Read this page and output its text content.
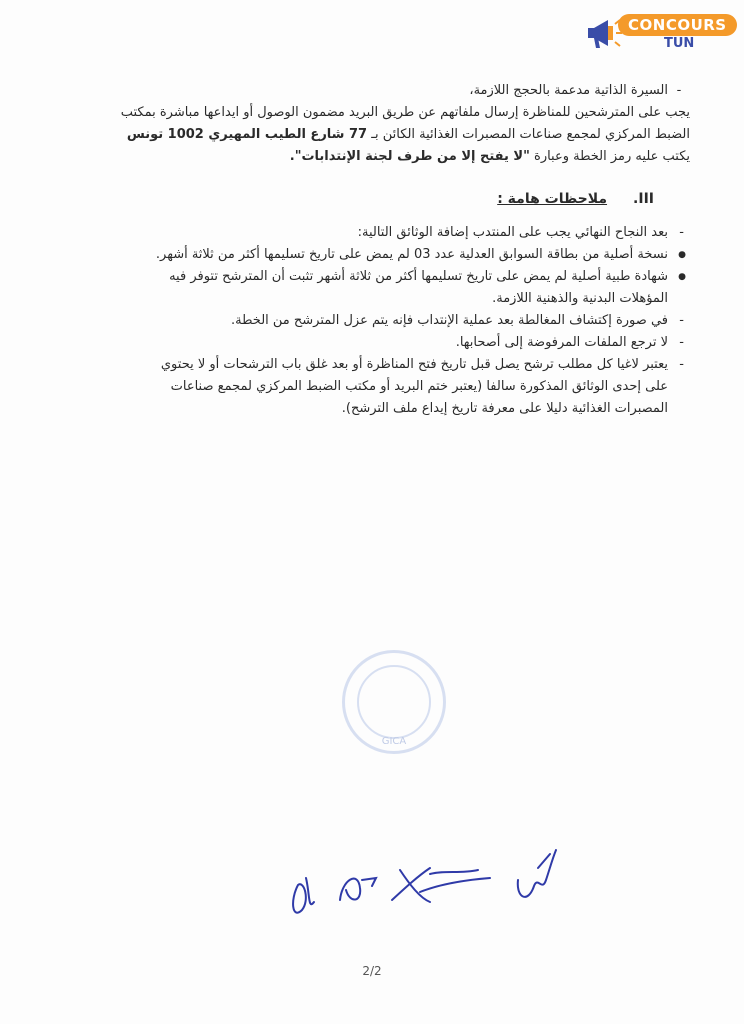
CONCOURS
TUN
- السيرة الذاتية مدعمة بالحجج اللازمة،
يجب على المترشحين للمناظرة إرسال ملفاتهم عن طريق البريد مضمون الوصول أو ايداعها مباشرة بمكتب
الضبط المركزي لمجمع صناعات المصبرات الغذائية الكائن بـ 77 شارع الطيب المهيري 1002 تونس
يكتب عليه رمز الخطة وعبارة "لا يفتح إلا من طرف لجنة الإنتدابات".
III.ملاحظات هامة :
- بعد النجاح النهائي يجب على المنتدب إضافة الوثائق التالية:
● نسخة أصلية من بطاقة السوابق العدلية عدد 03 لم يمض على تاريخ تسليمها أكثر من ثلاثة أشهر.
● شهادة طبية أصلية لم يمض على تاريخ تسليمها أكثر من ثلاثة أشهر تثبت أن المترشح تتوفر فيه
المؤهلات البدنية والذهنية اللازمة.
- في صورة إكتشاف المغالطة بعد عملية الإنتداب فإنه يتم عزل المترشح من الخطة.
- لا ترجع الملفات المرفوضة إلى أصحابها.
- يعتبر لاغيا كل مطلب ترشح يصل قبل تاريخ فتح المناظرة أو بعد غلق باب الترشحات أو لا يحتوي
على إحدى الوثائق المذكورة سالفا (يعتبر ختم البريد أو مكتب الضبط المركزي لمجمع صناعات
المصبرات الغذائية دليلا على معرفة تاريخ إيداع ملف الترشح).
GICA
2/2
